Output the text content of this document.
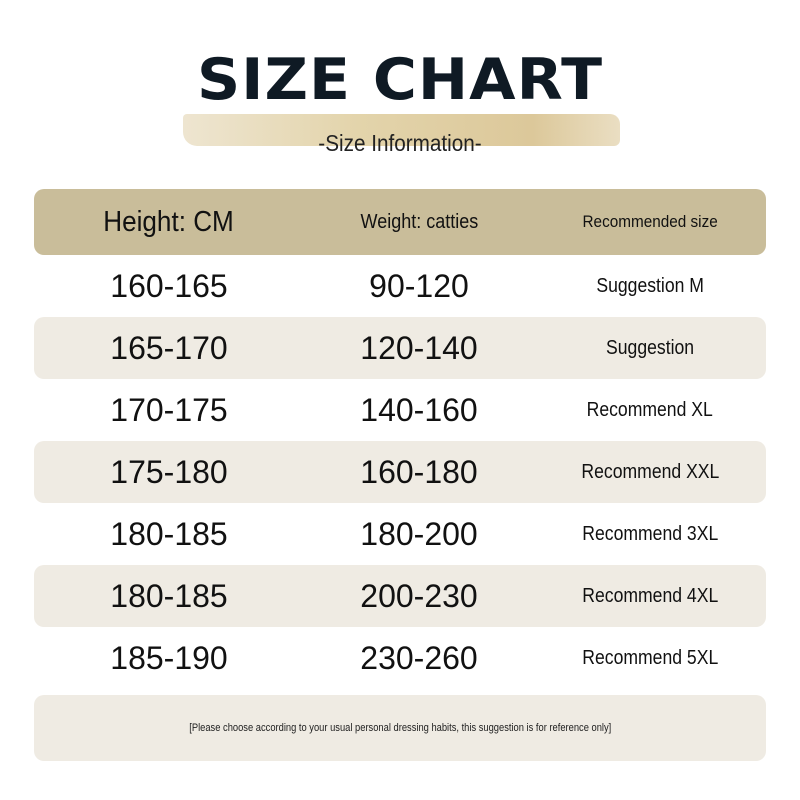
SIZE CHART
-Size Information-
Height: CM	Weight: catties	Recommended size
160-165	90-120	Suggestion M
165-170	120-140	Suggestion
170-175	140-160	Recommend XL
175-180	160-180	Recommend XXL
180-185	180-200	Recommend 3XL
180-185	200-230	Recommend 4XL
185-190	230-260	Recommend 5XL
[Please choose according to your usual personal dressing habits, this suggestion is for reference only]
